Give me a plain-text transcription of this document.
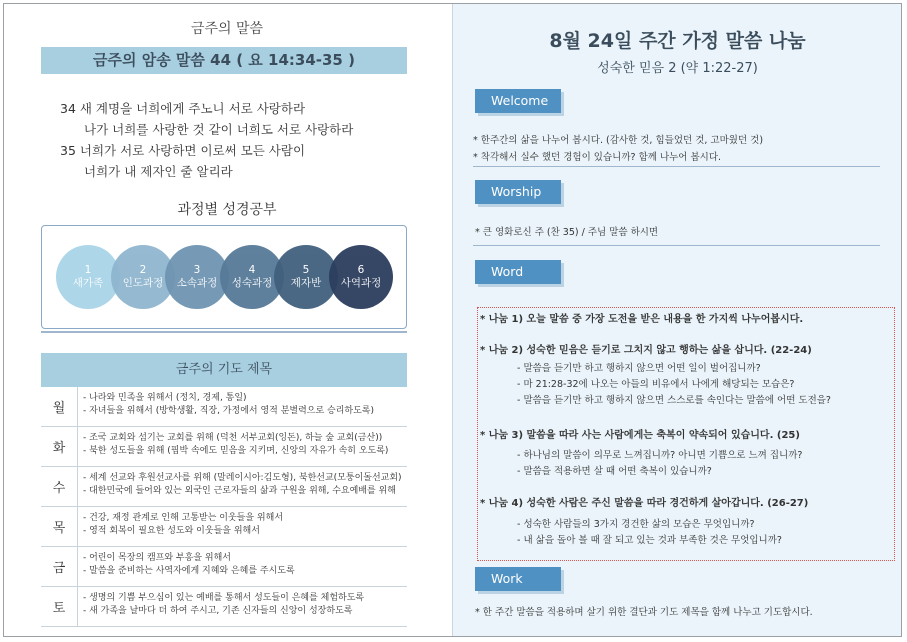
금주의 말씀
금주의 암송 말씀 44 ( 요 14:34-35 )
34 새 계명을 너희에게 주노니 서로 사랑하라
나가 너희를 사랑한 것 같이 너희도 서로 사랑하라
35 너희가 서로 사랑하면 이로써 모든 사람이
너희가 내 제자인 줄 알리라
과정별 성경공부
1
새가족
2
인도과정
3
소속과정
4
성숙과정
5
제자반
6
사역과정
금주의 기도 제목
월
- 나라와 민족을 위해서 (정치, 경제, 통일)
- 자녀들을 위해서 (방학생활, 직장, 가정에서 영적 분별력으로 승리하도록)
화
- 조국 교회와 섬기는 교회를 위해 (덕천 서부교회(잉돈), 하늘 숲 교회(금산))
- 북한 성도들을 위해 (핍박 속에도 믿음을 지키며, 신앙의 자유가 속히 오도록)
수
- 세계 선교와 후원선교사를 위해 (말레이시아:김도형), 북한선교(모퉁이돌선교회)
- 대한민국에 들어와 있는 외국인 근로자들의 삶과 구원을 위해, 수요예배를 위해
목
- 건강, 재정 관계로 인해 고통받는 이웃들을 위해서
- 영적 회복이 필요한 성도와 이웃들을 위해서
금
- 어린이 목장의 캠프와 부흥을 위해서
- 말씀을 준비하는 사역자에게 지혜와 은혜를 주시도록
토
- 생명의 기쁨 부으심이 있는 예배를 통해서 성도들이 은혜를 체험하도록
- 새 가족을 날마다 더 하여 주시고, 기존 신자들의 신앙이 성장하도록
8월 24일 주간 가정 말씀 나눔
성숙한 믿음 2 (약 1:22-27)
Welcome
* 한주간의 삶을 나누어 봅시다. (감사한 것, 힘들었던 것, 고마웠던 것)
* 착각해서 실수 했던 경험이 있습니까? 함께 나누어 봅시다.
Worship
* 큰 영화로신 주 (찬 35) / 주님 말씀 하시면
Word
* 나눔 1) 오늘 말씀 중 가장 도전을 받은 내용을 한 가지씩 나누어봅시다.
* 나눔 2) 성숙한 믿음은 듣기로 그치지 않고 행하는 삶을 삽니다. (22-24)
- 말씀을 듣기만 하고 행하지 않으면 어떤 일이 벌어집니까?
- 마 21:28-32에 나오는 아들의 비유에서 나에게 해당되는 모습은?
- 말씀을 듣기만 하고 행하지 않으면 스스로를 속인다는 말씀에 어떤 도전을?
* 나눔 3) 말씀을 따라 사는 사람에게는 축복이 약속되어 있습니다. (25)
- 하나님의 말씀이 의무로 느껴집니까? 아니면 기쁨으로 느껴 집니까?
- 말씀을 적용하면 살 때 어떤 축복이 있습니까?
* 나눔 4) 성숙한 사람은 주신 말씀을 따라 경건하게 살아갑니다. (26-27)
- 성숙한 사람들의 3가지 경건한 삶의 모습은 무엇입니까?
- 내 삶을 돌아 볼 때 잘 되고 있는 것과 부족한 것은 무엇입니까?
Work
* 한 주간 말씀을 적용하며 살기 위한 결단과 기도 제목을 함께 나누고 기도합시다.
